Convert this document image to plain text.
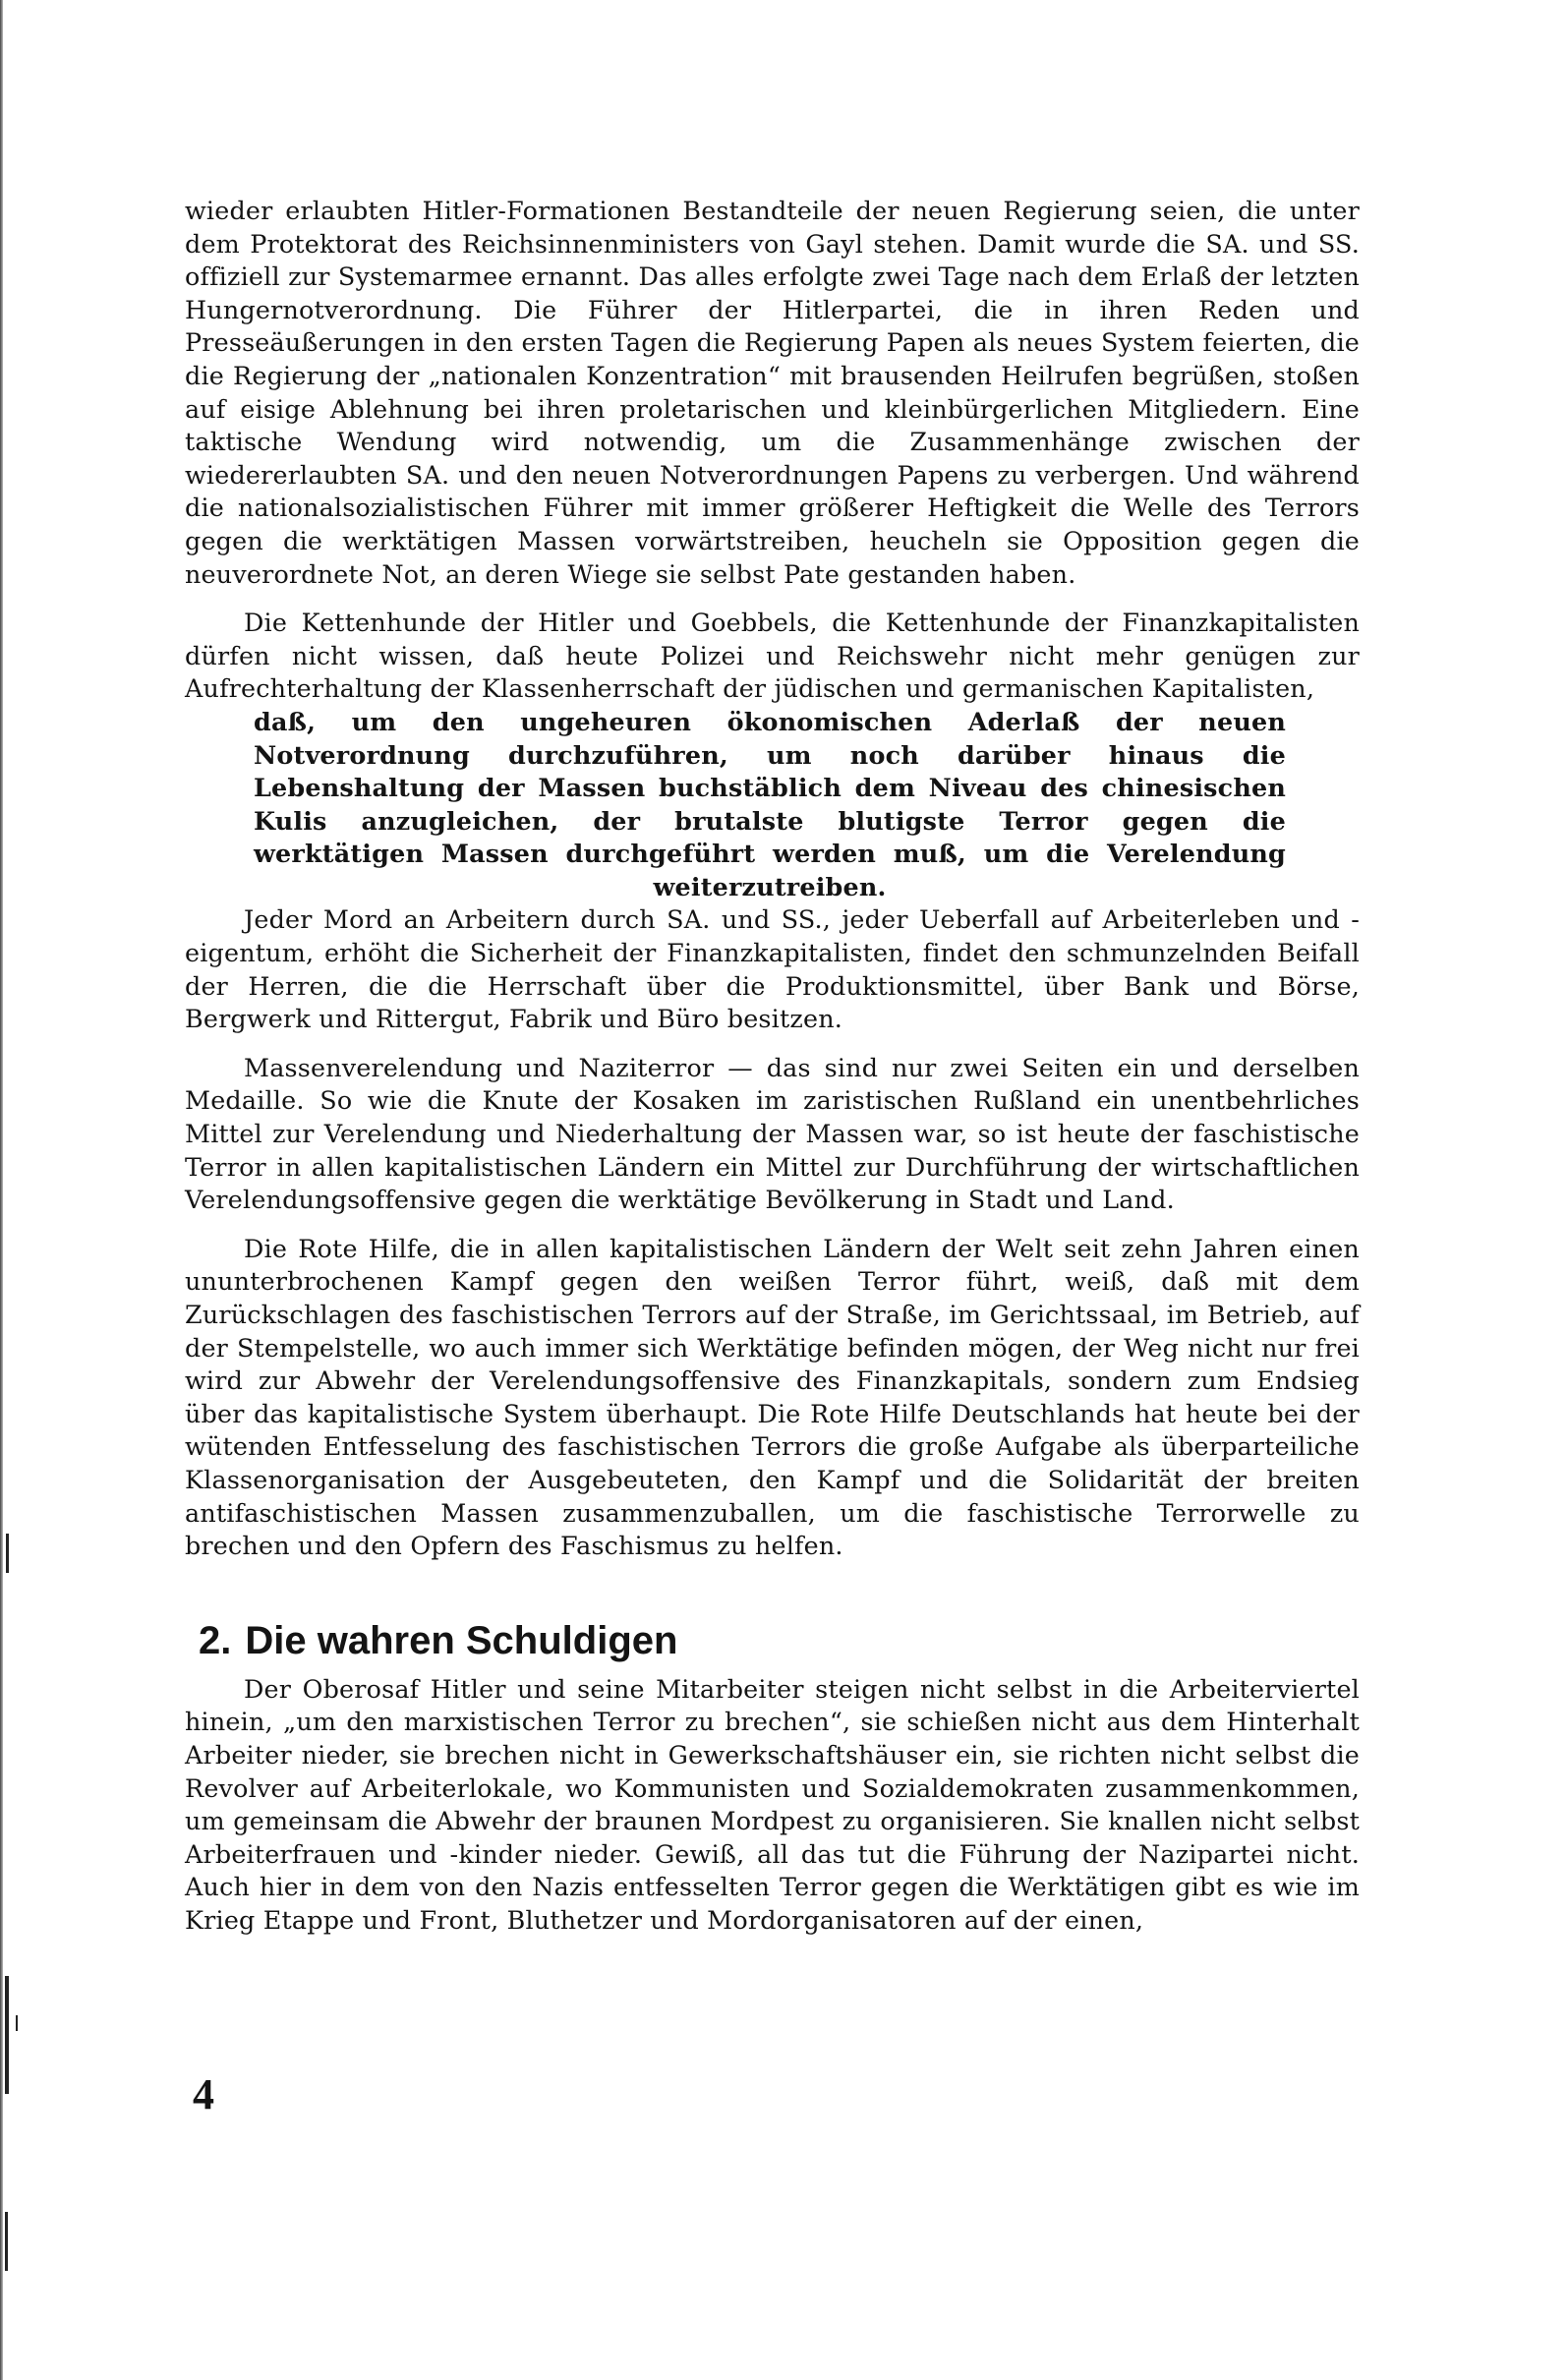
wieder erlaubten Hitler-Formationen Bestandteile der neuen Regierung seien, die unter dem Protektorat des Reichsinnenministers von Gayl stehen. Damit wurde die SA. und SS. offiziell zur Systemarmee ernannt. Das alles erfolgte zwei Tage nach dem Erlaß der letzten Hungernotverordnung. Die Führer der Hitlerpartei, die in ihren Reden und Presseäußerungen in den ersten Tagen die Regierung Papen als neues System feierten, die die Regierung der „nationalen Konzentration“ mit brausenden Heilrufen begrüßen, stoßen auf eisige Ablehnung bei ihren proletarischen und kleinbürgerlichen Mitgliedern. Eine taktische Wendung wird notwendig, um die Zusammenhänge zwischen der wiedererlaubten SA. und den neuen Notverordnungen Papens zu verbergen. Und während die nationalsozialistischen Führer mit immer größerer Heftigkeit die Welle des Terrors gegen die werktätigen Massen vorwärtstreiben, heucheln sie Opposition gegen die neuverordnete Not, an deren Wiege sie selbst Pate gestanden haben.

Die Kettenhunde der Hitler und Goebbels, die Kettenhunde der Finanzkapitalisten dürfen nicht wissen, daß heute Polizei und Reichswehr nicht mehr genügen zur Aufrechterhaltung der Klassenherrschaft der jüdischen und germanischen Kapitalisten,

daß, um den ungeheuren ökonomischen Aderlaß der neuen Notverordnung durchzuführen, um noch darüber hinaus die Lebenshaltung der Massen buchstäblich dem Niveau des chinesischen Kulis anzugleichen, der brutalste blutigste Terror gegen die werktätigen Massen durchgeführt werden muß, um die Verelendung weiterzutreiben.

Jeder Mord an Arbeitern durch SA. und SS., jeder Ueberfall auf Arbeiterleben und -eigentum, erhöht die Sicherheit der Finanzkapitalisten, findet den schmunzelnden Beifall der Herren, die die Herrschaft über die Produktionsmittel, über Bank und Börse, Bergwerk und Rittergut, Fabrik und Büro besitzen.

Massenverelendung und Naziterror — das sind nur zwei Seiten ein und derselben Medaille. So wie die Knute der Kosaken im zaristischen Rußland ein unentbehrliches Mittel zur Verelendung und Niederhaltung der Massen war, so ist heute der faschistische Terror in allen kapitalistischen Ländern ein Mittel zur Durchführung der wirtschaftlichen Verelendungsoffensive gegen die werktätige Bevölkerung in Stadt und Land.

Die Rote Hilfe, die in allen kapitalistischen Ländern der Welt seit zehn Jahren einen ununterbrochenen Kampf gegen den weißen Terror führt, weiß, daß mit dem Zurückschlagen des faschistischen Terrors auf der Straße, im Gerichtssaal, im Betrieb, auf der Stempelstelle, wo auch immer sich Werktätige befinden mögen, der Weg nicht nur frei wird zur Abwehr der Verelendungsoffensive des Finanzkapitals, sondern zum Endsieg über das kapitalistische System überhaupt. Die Rote Hilfe Deutschlands hat heute bei der wütenden Entfesselung des faschistischen Terrors die große Aufgabe als überparteiliche Klassenorganisation der Ausgebeuteten, den Kampf und die Solidarität der breiten antifaschistischen Massen zusammenzuballen, um die faschistische Terrorwelle zu brechen und den Opfern des Faschismus zu helfen.

2. Die wahren Schuldigen

Der Oberosaf Hitler und seine Mitarbeiter steigen nicht selbst in die Arbeiterviertel hinein, „um den marxistischen Terror zu brechen“, sie schießen nicht aus dem Hinterhalt Arbeiter nieder, sie brechen nicht in Gewerkschaftshäuser ein, sie richten nicht selbst die Revolver auf Arbeiterlokale, wo Kommunisten und Sozialdemokraten zusammenkommen, um gemeinsam die Abwehr der braunen Mordpest zu organisieren. Sie knallen nicht selbst Arbeiterfrauen und -kinder nieder. Gewiß, all das tut die Führung der Nazipartei nicht. Auch hier in dem von den Nazis entfesselten Terror gegen die Werktätigen gibt es wie im Krieg Etappe und Front, Bluthetzer und Mordorganisatoren auf der einen,

4
